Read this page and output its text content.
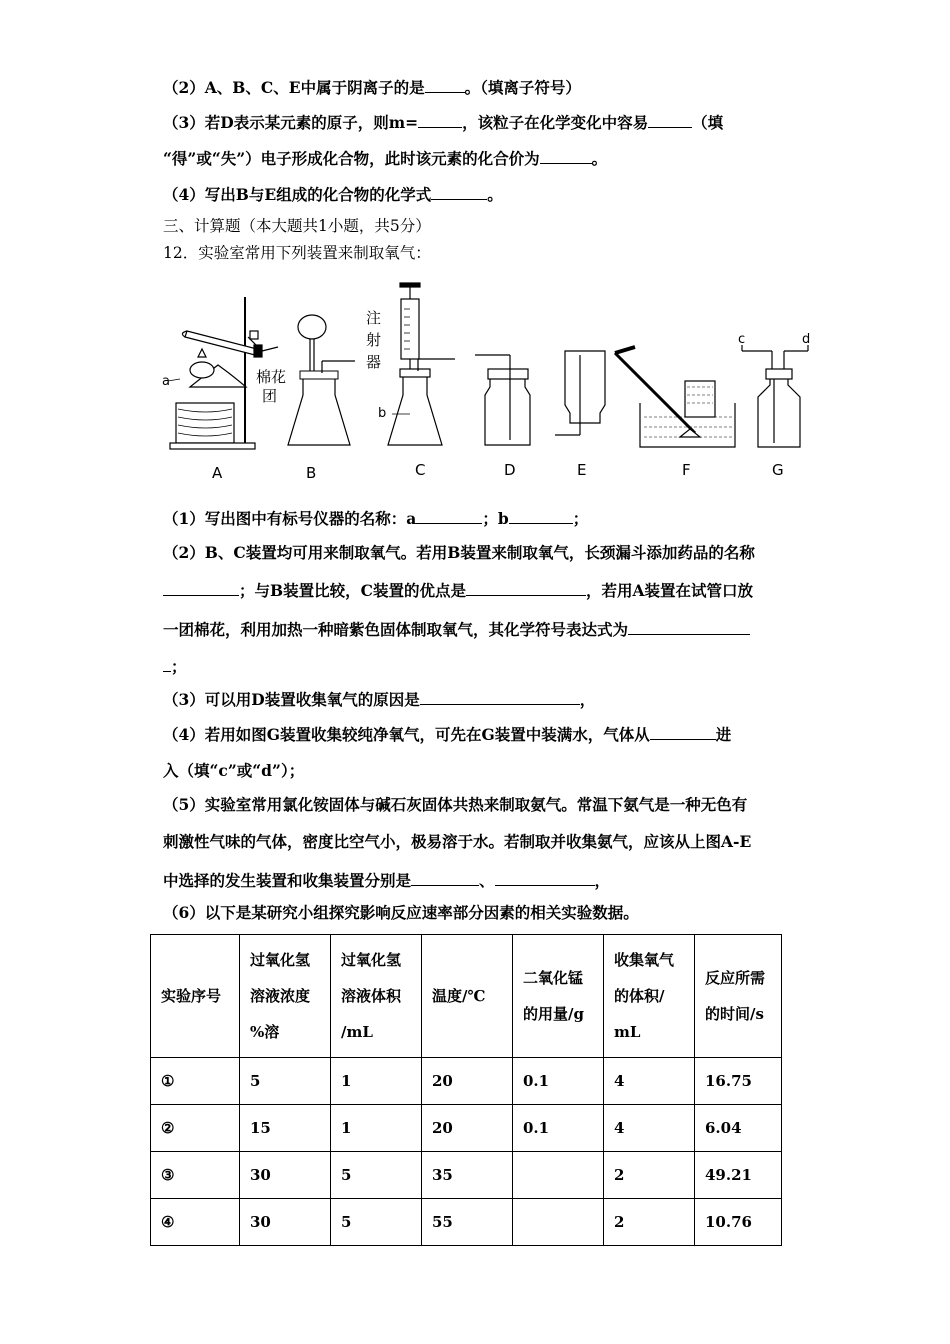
（2）A、B、C、E中属于阴离子的是	。（填离子符号）
（3）若D表示某元素的原子，则m=	，该粒子在化学变化中容易	（填
“得”或“失”）电子形成化合物，此时该元素的化合价为	。
（4）写出B与E组成的化合物的化学式	。
三、计算题（本大题共1小题，共5分）
12．实验室常用下列装置来制取氧气：
a	棉花
团
注
射
器
b
c	d
A	B	C	D	E	F	G
（1）写出图中有标号仪器的名称：a	；b	；
（2）B、C装置均可用来制取氧气。若用B装置来制取氧气，长颈漏斗添加药品的名称
；与B装置比较，C装置的优点是	，若用A装置在试管口放
一团棉花，利用加热一种暗紫色固体制取氧气，其化学符号表达式为
；
（3）可以用D装置收集氧气的原因是	，
（4）若用如图G装置收集较纯净氧气，可先在G装置中装满水，气体从	进
入（填“c”或“d”）；
（5）实验室常用氯化铵固体与碱石灰固体共热来制取氨气。常温下氨气是一种无色有
刺激性气味的气体，密度比空气小，极易溶于水。若制取并收集氨气，应该从上图A-E
中选择的发生装置和收集装置分别是	、	，
（6）以下是某研究小组探究影响反应速率部分因素的相关实验数据。
实验序号	过氧化氢
溶液浓度
%溶	过氧化氢
溶液体积
/mL	温度/℃	二氧化锰
的用量/g	收集氧气
的体积/
mL	反应所需
的时间/s

①	5	1	20	0.1	4	16.75
②	15	1	20	0.1	4	6.04
③	30	5	35		2	49.21
④	30	5	55		2	10.76
